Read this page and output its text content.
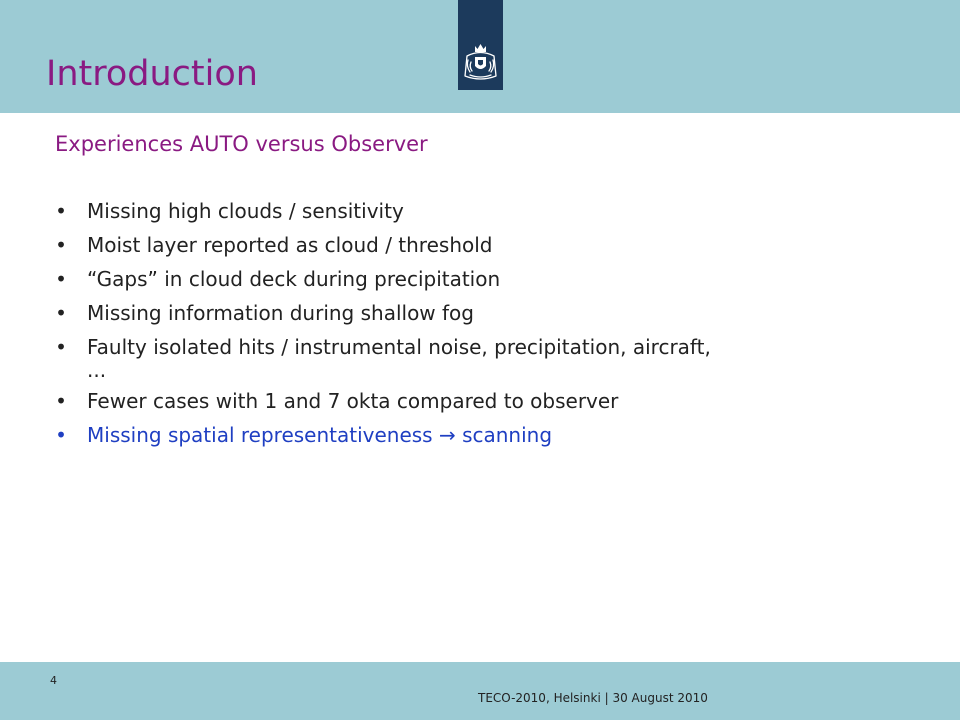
Introduction
Experiences AUTO versus Observer
• Missing high clouds / sensitivity
• Moist layer reported as cloud / threshold
• “Gaps” in cloud deck during precipitation
• Missing information during shallow fog
• Faulty isolated hits / instrumental noise, precipitation, aircraft,
...
• Fewer cases with 1 and 7 okta compared to observer
• Missing spatial representativeness → scanning
4
TECO-2010, Helsinki | 30 August 2010
